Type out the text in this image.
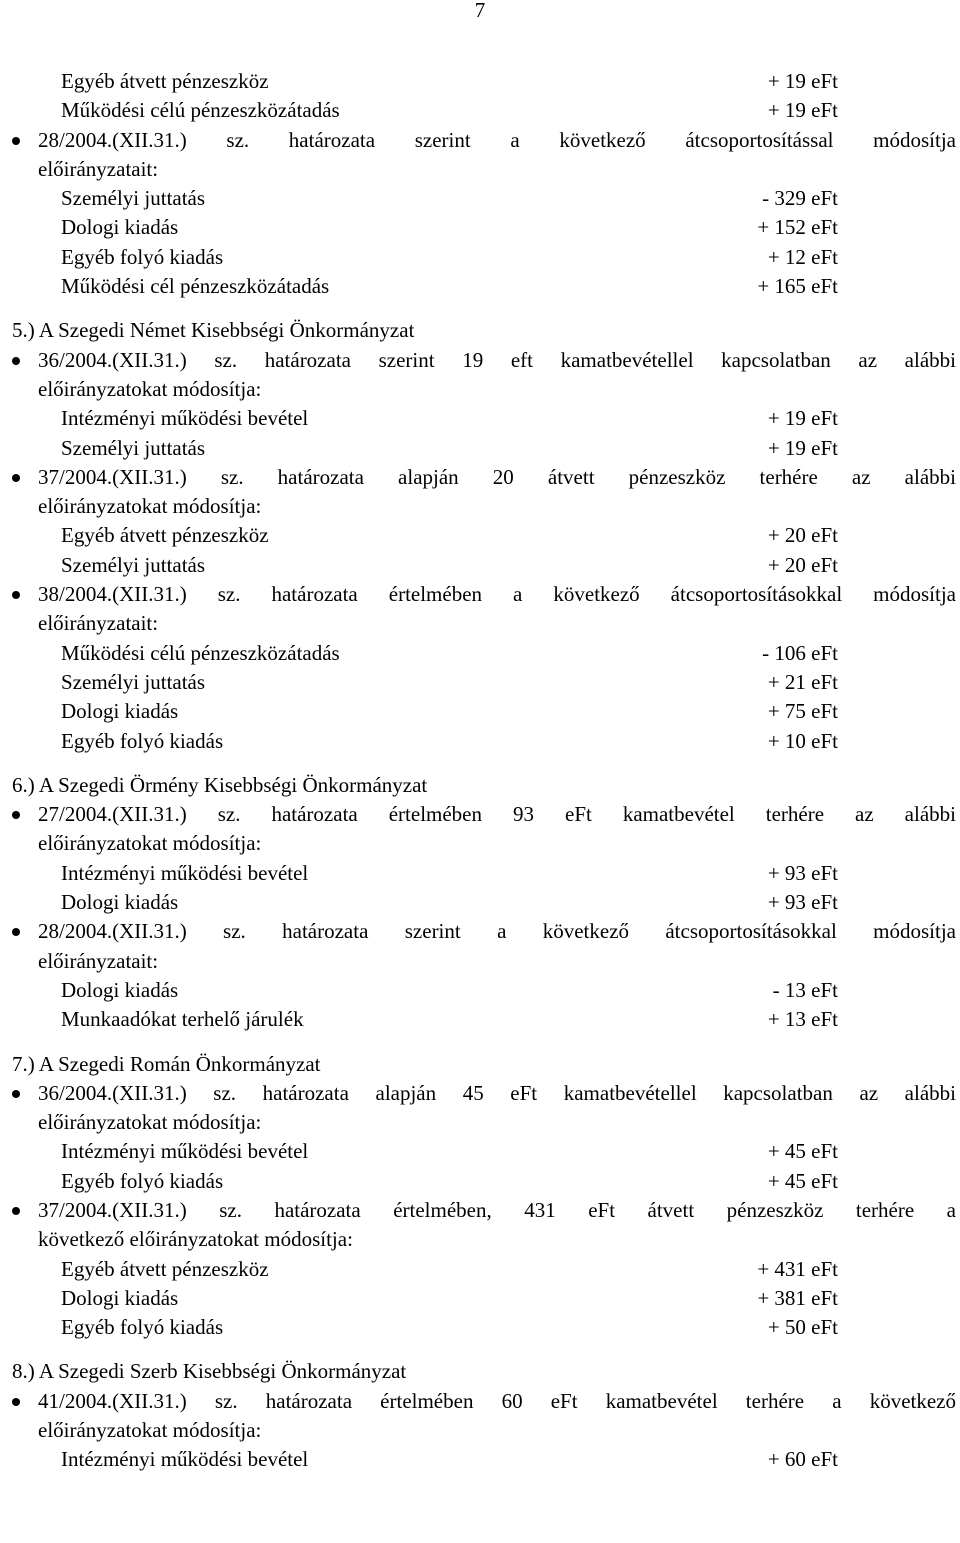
7
Egyéb átvett pénzeszköz	+ 19 eFt
Működési célú pénzeszközátadás	+ 19 eFt
28/2004.(XII.31.) sz. határozata szerint a következő átcsoportosítással módosítja
előirányzatait:
Személyi juttatás	- 329 eFt
Dologi kiadás	+ 152 eFt
Egyéb folyó kiadás	+ 12 eFt
Működési cél pénzeszközátadás	+ 165 eFt
5.) A Szegedi Német Kisebbségi Önkormányzat
36/2004.(XII.31.) sz. határozata szerint 19 eft kamatbevétellel kapcsolatban az alábbi
előirányzatokat módosítja:
Intézményi működési bevétel	+ 19 eFt
Személyi juttatás	+ 19 eFt
37/2004.(XII.31.) sz. határozata alapján 20 átvett pénzeszköz terhére az alábbi
előirányzatokat módosítja:
Egyéb átvett pénzeszköz	+ 20 eFt
Személyi juttatás	+ 20 eFt
38/2004.(XII.31.) sz. határozata értelmében a következő átcsoportosításokkal módosítja
előirányzatait:
Működési célú pénzeszközátadás	- 106 eFt
Személyi juttatás	+ 21 eFt
Dologi kiadás	+ 75 eFt
Egyéb folyó kiadás	+ 10 eFt
6.) A Szegedi Örmény Kisebbségi Önkormányzat
27/2004.(XII.31.) sz. határozata értelmében 93 eFt kamatbevétel terhére az alábbi
előirányzatokat módosítja:
Intézményi működési bevétel	+ 93 eFt
Dologi kiadás	+ 93 eFt
28/2004.(XII.31.) sz. határozata szerint a következő átcsoportosításokkal módosítja
előirányzatait:
Dologi kiadás	- 13 eFt
Munkaadókat terhelő járulék	+ 13 eFt
7.) A Szegedi Román Önkormányzat
36/2004.(XII.31.) sz. határozata alapján 45 eFt kamatbevétellel kapcsolatban az alábbi
előirányzatokat módosítja:
Intézményi működési bevétel	+ 45 eFt
Egyéb folyó kiadás	+ 45 eFt
37/2004.(XII.31.) sz. határozata értelmében, 431 eFt átvett pénzeszköz terhére a
következő előirányzatokat módosítja:
Egyéb átvett pénzeszköz	+ 431 eFt
Dologi kiadás	+ 381 eFt
Egyéb folyó kiadás	+ 50 eFt
8.) A Szegedi Szerb Kisebbségi Önkormányzat
41/2004.(XII.31.) sz. határozata értelmében 60 eFt kamatbevétel terhére a következő
előirányzatokat módosítja:
Intézményi működési bevétel	+ 60 eFt
